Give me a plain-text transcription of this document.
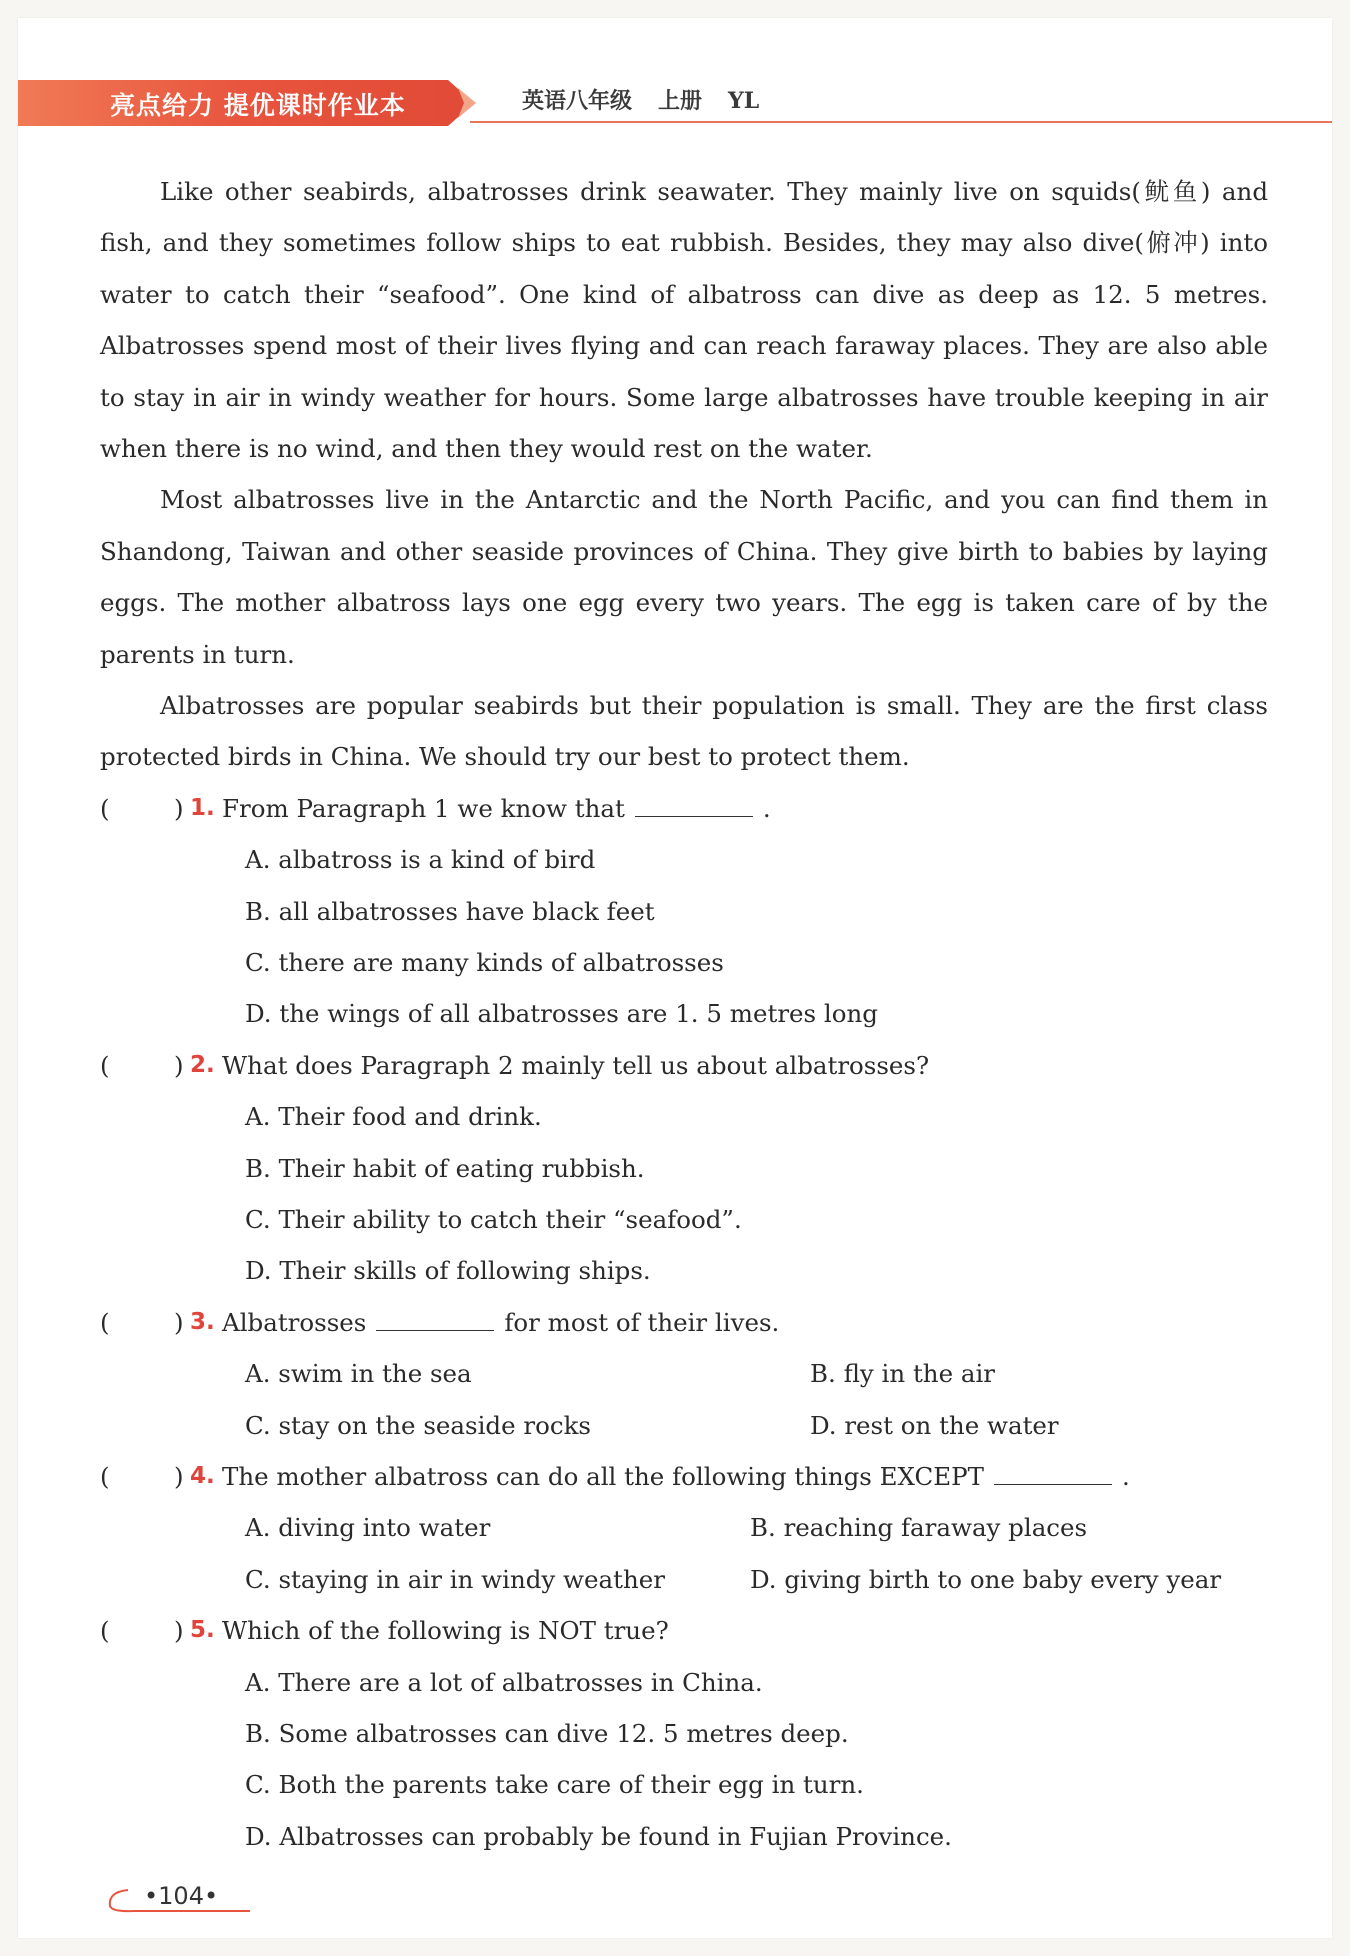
亮点给力 提优课时作业本	英语八年级 上册 YL

Like other seabirds, albatrosses drink seawater. They mainly live on squids(鱿鱼) and fish, and they sometimes follow ships to eat rubbish. Besides, they may also dive(俯冲) into water to catch their “seafood”. One kind of albatross can dive as deep as 12. 5 metres. Albatrosses spend most of their lives flying and can reach faraway places. They are also able to stay in air in windy weather for hours. Some large albatrosses have trouble keeping in air when there is no wind, and then they would rest on the water.

Most albatrosses live in the Antarctic and the North Pacific, and you can find them in Shandong, Taiwan and other seaside provinces of China. They give birth to babies by laying eggs. The mother albatross lays one egg every two years. The egg is taken care of by the parents in turn.

Albatrosses are popular seabirds but their population is small. They are the first class protected birds in China. We should try our best to protect them.

(	) 1. From Paragraph 1 we know that	.
A. albatross is a kind of bird
B. all albatrosses have black feet
C. there are many kinds of albatrosses
D. the wings of all albatrosses are 1. 5 metres long
(	) 2. What does Paragraph 2 mainly tell us about albatrosses?
A. Their food and drink.
B. Their habit of eating rubbish.
C. Their ability to catch their “seafood”.
D. Their skills of following ships.
(	) 3. Albatrosses	for most of their lives.
A. swim in the sea	B. fly in the air
C. stay on the seaside rocks	D. rest on the water
(	) 4. The mother albatross can do all the following things EXCEPT	.
A. diving into water	B. reaching faraway places
C. staying in air in windy weather	D. giving birth to one baby every year
(	) 5. Which of the following is NOT true?
A. There are a lot of albatrosses in China.
B. Some albatrosses can dive 12. 5 metres deep.
C. Both the parents take care of their egg in turn.
D. Albatrosses can probably be found in Fujian Province.
•104•
